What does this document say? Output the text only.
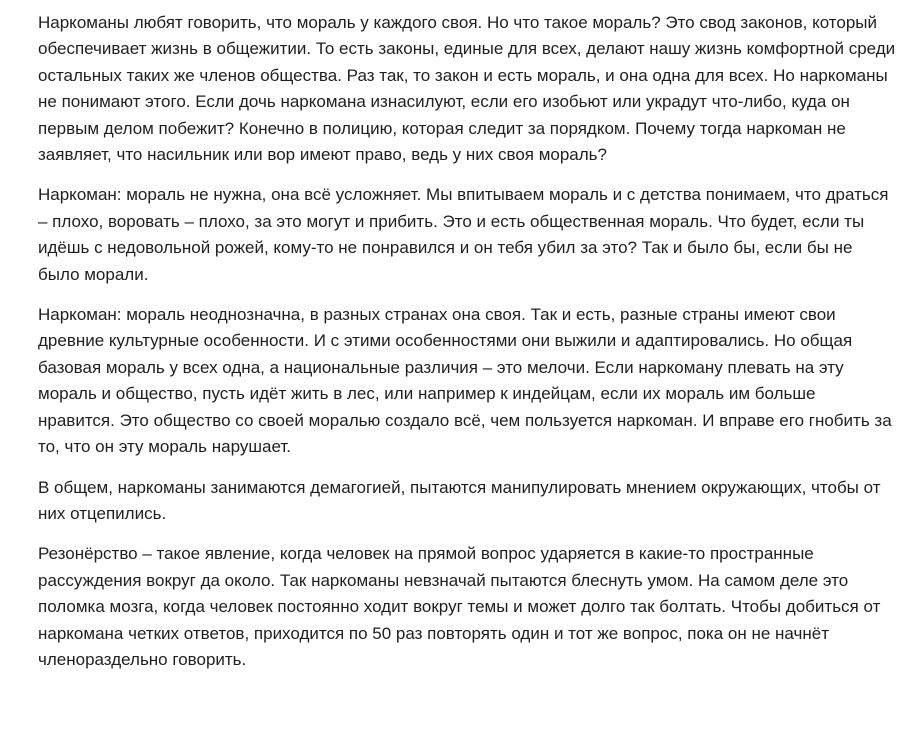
Наркоманы любят говорить, что мораль у каждого своя. Но что такое мораль? Это свод законов, который обеспечивает жизнь в общежитии. То есть законы, единые для всех, делают нашу жизнь комфортной среди остальных таких же членов общества. Раз так, то закон и есть мораль, и она одна для всех. Но наркоманы не понимают этого. Если дочь наркомана изнасилуют, если его изобьют или украдут что-либо, куда он первым делом побежит? Конечно в полицию, которая следит за порядком. Почему тогда наркоман не заявляет, что насильник или вор имеют право, ведь у них своя мораль?

Наркоман: мораль не нужна, она всё усложняет. Мы впитываем мораль и с детства понимаем, что драться – плохо, воровать – плохо, за это могут и прибить. Это и есть общественная мораль. Что будет, если ты идёшь с недовольной рожей, кому-то не понравился и он тебя убил за это? Так и было бы, если бы не было морали.

Наркоман: мораль неоднозначна, в разных странах она своя. Так и есть, разные страны имеют свои древние культурные особенности. И с этими особенностями они выжили и адаптировались. Но общая базовая мораль у всех одна, а национальные различия – это мелочи. Если наркоману плевать на эту мораль и общество, пусть идёт жить в лес, или например к индейцам, если их мораль им больше нравится. Это общество со своей моралью создало всё, чем пользуется наркоман. И вправе его гнобить за то, что он эту мораль нарушает.

В общем, наркоманы занимаются демагогией, пытаются манипулировать мнением окружающих, чтобы от них отцепились.

Резонёрство – такое явление, когда человек на прямой вопрос ударяется в какие-то пространные рассуждения вокруг да около. Так наркоманы невзначай пытаются блеснуть умом. На самом деле это поломка мозга, когда человек постоянно ходит вокруг темы и может долго так болтать. Чтобы добиться от наркомана четких ответов, приходится по 50 раз повторять один и тот же вопрос, пока он не начнёт членораздельно говорить.
